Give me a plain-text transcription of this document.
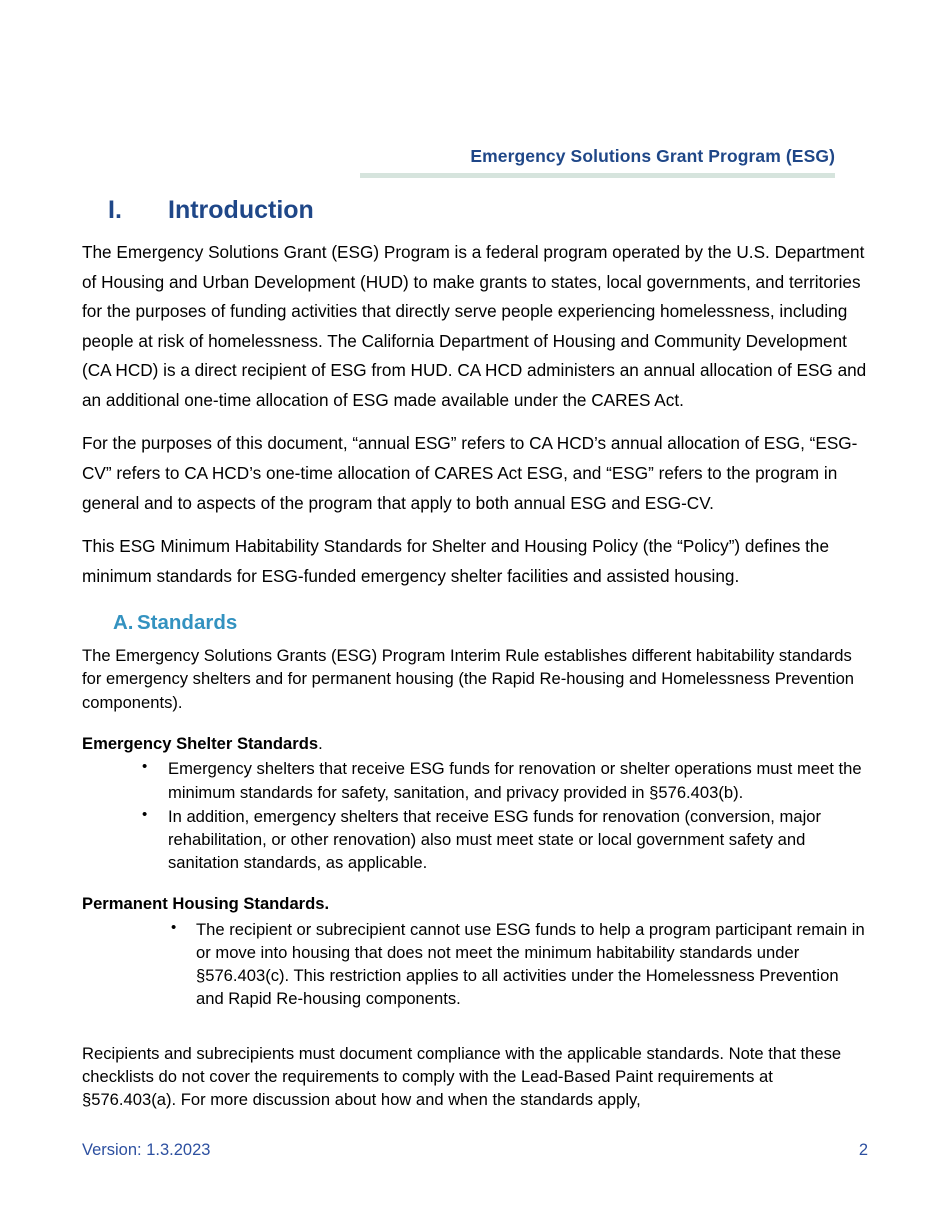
Emergency Solutions Grant Program (ESG)
I.	Introduction

The Emergency Solutions Grant (ESG) Program is a federal program operated by the U.S. Department of Housing and Urban Development (HUD) to make grants to states, local governments, and territories for the purposes of funding activities that directly serve people experiencing homelessness, including people at risk of homelessness. The California Department of Housing and Community Development (CA HCD) is a direct recipient of ESG from HUD. CA HCD administers an annual allocation of ESG and an additional one-time allocation of ESG made available under the CARES Act.

For the purposes of this document, “annual ESG” refers to CA HCD’s annual allocation of ESG, “ESG-CV” refers to CA HCD’s one-time allocation of CARES Act ESG, and “ESG” refers to the program in general and to aspects of the program that apply to both annual ESG and ESG-CV.

This ESG Minimum Habitability Standards for Shelter and Housing Policy (the “Policy”) defines the minimum standards for ESG-funded emergency shelter facilities and assisted housing.

A. Standards

The Emergency Solutions Grants (ESG) Program Interim Rule establishes different habitability standards for emergency shelters and for permanent housing (the Rapid Re-housing and Homelessness Prevention components).

Emergency Shelter Standards.

• Emergency shelters that receive ESG funds for renovation or shelter operations must meet the minimum standards for safety, sanitation, and privacy provided in §576.403(b).
• In addition, emergency shelters that receive ESG funds for renovation (conversion, major rehabilitation, or other renovation) also must meet state or local government safety and sanitation standards, as applicable.

Permanent Housing Standards.

• The recipient or subrecipient cannot use ESG funds to help a program participant remain in or move into housing that does not meet the minimum habitability standards under §576.403(c). This restriction applies to all activities under the Homelessness Prevention and Rapid Re-housing components.

Recipients and subrecipients must document compliance with the applicable standards. Note that these checklists do not cover the requirements to comply with the Lead-Based Paint requirements at §576.403(a). For more discussion about how and when the standards apply,

Version: 1.3.2023	2
